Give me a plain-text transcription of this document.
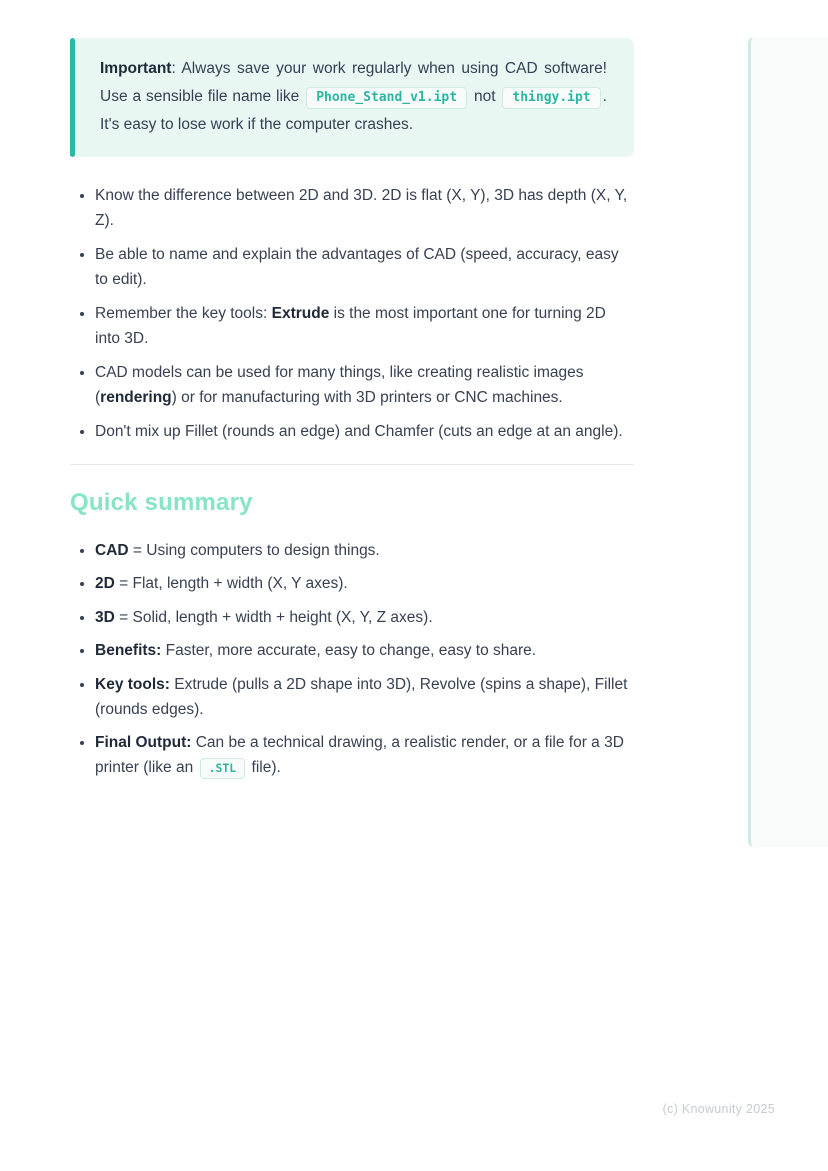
Important: Always save your work regularly when using CAD software! Use a sensible file name like Phone_Stand_v1.ipt not thingy.ipt . It's easy to lose work if the computer crashes.

• Know the difference between 2D and 3D. 2D is flat (X, Y), 3D has depth (X, Y, Z).
• Be able to name and explain the advantages of CAD (speed, accuracy, easy to edit).
• Remember the key tools: Extrude is the most important one for turning 2D into 3D.
• CAD models can be used for many things, like creating realistic images (rendering) or for manufacturing with 3D printers or CNC machines.
• Don't mix up Fillet (rounds an edge) and Chamfer (cuts an edge at an angle).
Quick summary
• CAD = Using computers to design things.
• 2D = Flat, length + width (X, Y axes).
• 3D = Solid, length + width + height (X, Y, Z axes).
• Benefits: Faster, more accurate, easy to change, easy to share.
• Key tools: Extrude (pulls a 2D shape into 3D), Revolve (spins a shape), Fillet (rounds edges).
• Final Output: Can be a technical drawing, a realistic render, or a file for a 3D printer (like an .STL file).
(c) Knowunity 2025
